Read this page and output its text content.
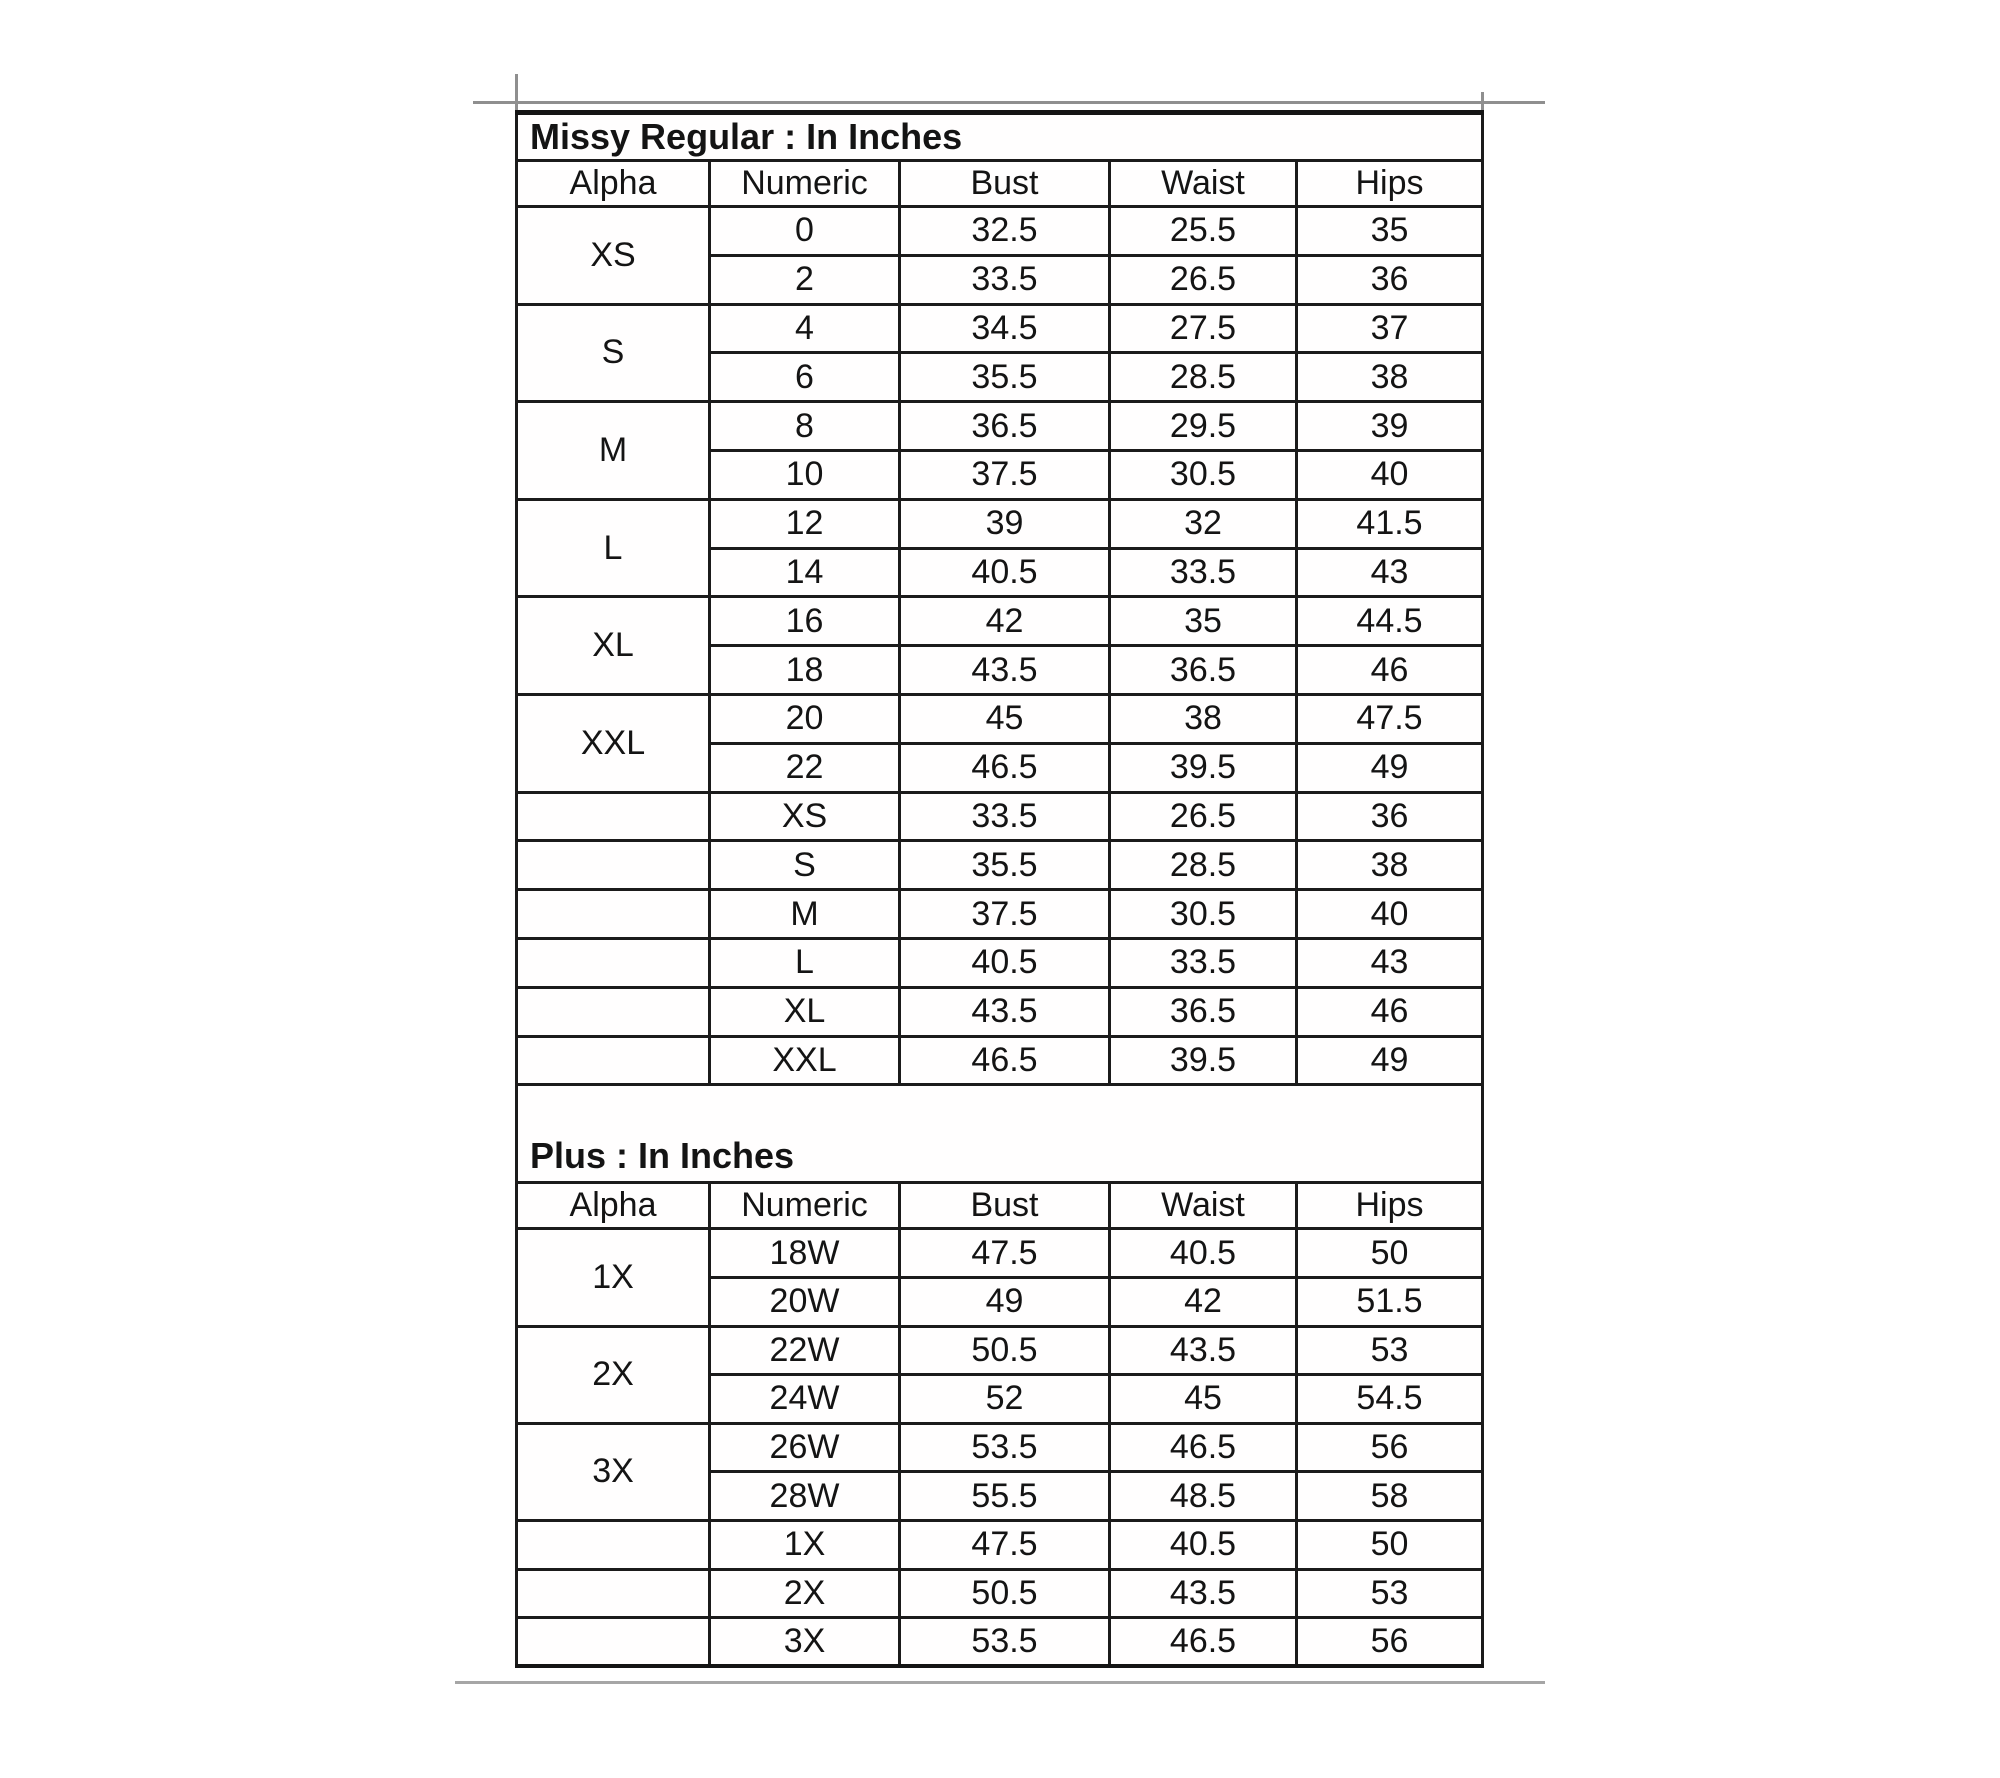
Missy Regular : In Inches				
Alpha	Numeric	Bust	Waist	Hips
XS	0	32.5	25.5	35
	2	33.5	26.5	36
S	4	34.5	27.5	37
	6	35.5	28.5	38
M	8	36.5	29.5	39
	10	37.5	30.5	40
L	12	39	32	41.5
	14	40.5	33.5	43
XL	16	42	35	44.5
	18	43.5	36.5	46
XXL	20	45	38	47.5
	22	46.5	39.5	49
	XS	33.5	26.5	36
	S	35.5	28.5	38
	M	37.5	30.5	40
	L	40.5	33.5	43
	XL	43.5	36.5	46
	XXL	46.5	39.5	49
Plus : In Inches				
Alpha	Numeric	Bust	Waist	Hips
1X	18W	47.5	40.5	50
	20W	49	42	51.5
2X	22W	50.5	43.5	53
	24W	52	45	54.5
3X	26W	53.5	46.5	56
	28W	55.5	48.5	58
	1X	47.5	40.5	50
	2X	50.5	43.5	53
	3X	53.5	46.5	56
